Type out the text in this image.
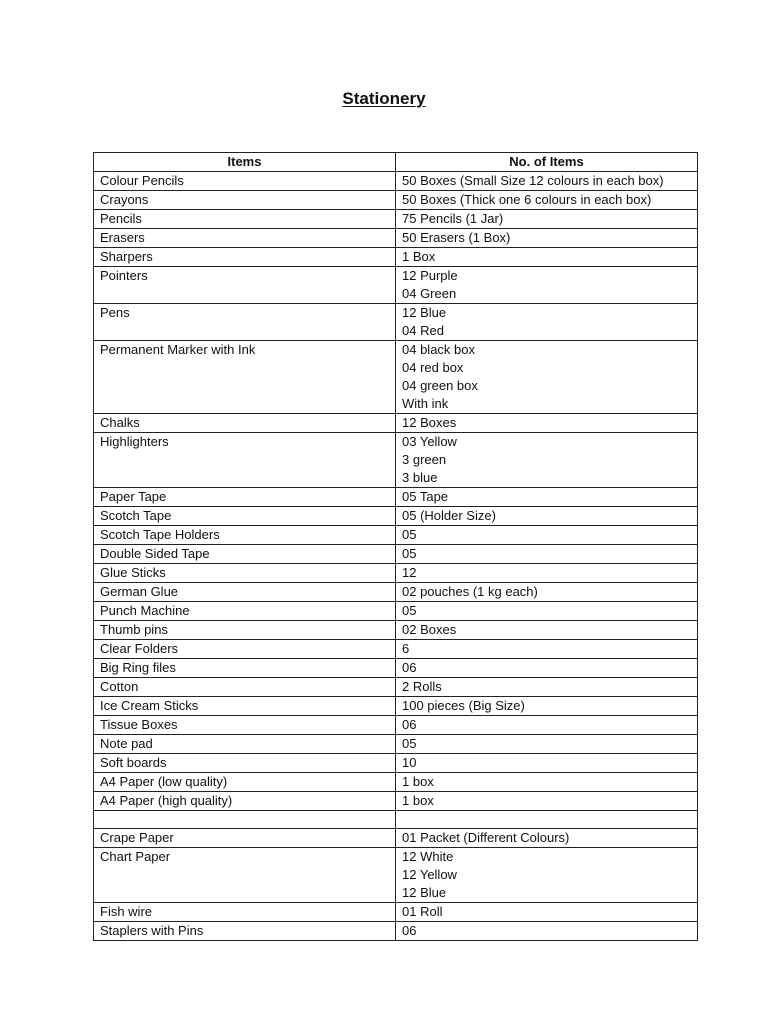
Stationery
Items	No. of Items
Colour Pencils	50 Boxes (Small Size 12 colours in each box)

Crayons	50 Boxes (Thick one 6 colours in each box)

Pencils	75 Pencils (1 Jar)

Erasers	50 Erasers (1 Box)

Sharpers	1 Box

Pointers	12 Purple
04 Green

Pens	12 Blue
04 Red

Permanent Marker with Ink	04 black box
04 red box
04 green box
With ink

Chalks	12 Boxes

Highlighters	03 Yellow
3 green
3 blue

Paper Tape	05 Tape

Scotch Tape	05 (Holder Size)

Scotch Tape Holders	05

Double Sided Tape	05

Glue Sticks	12

German Glue	02 pouches (1 kg each)

Punch Machine	05

Thumb pins	02 Boxes

Clear Folders	6

Big Ring files	06

Cotton	2 Rolls

Ice Cream Sticks	100 pieces (Big Size)

Tissue Boxes	06

Note pad	05

Soft boards	10

A4 Paper (low quality)	1 box

A4 Paper (high quality)	1 box

Crape Paper	01 Packet (Different Colours)

Chart Paper	12 White
12 Yellow
12 Blue

Fish wire	01 Roll

Staplers with Pins	06
